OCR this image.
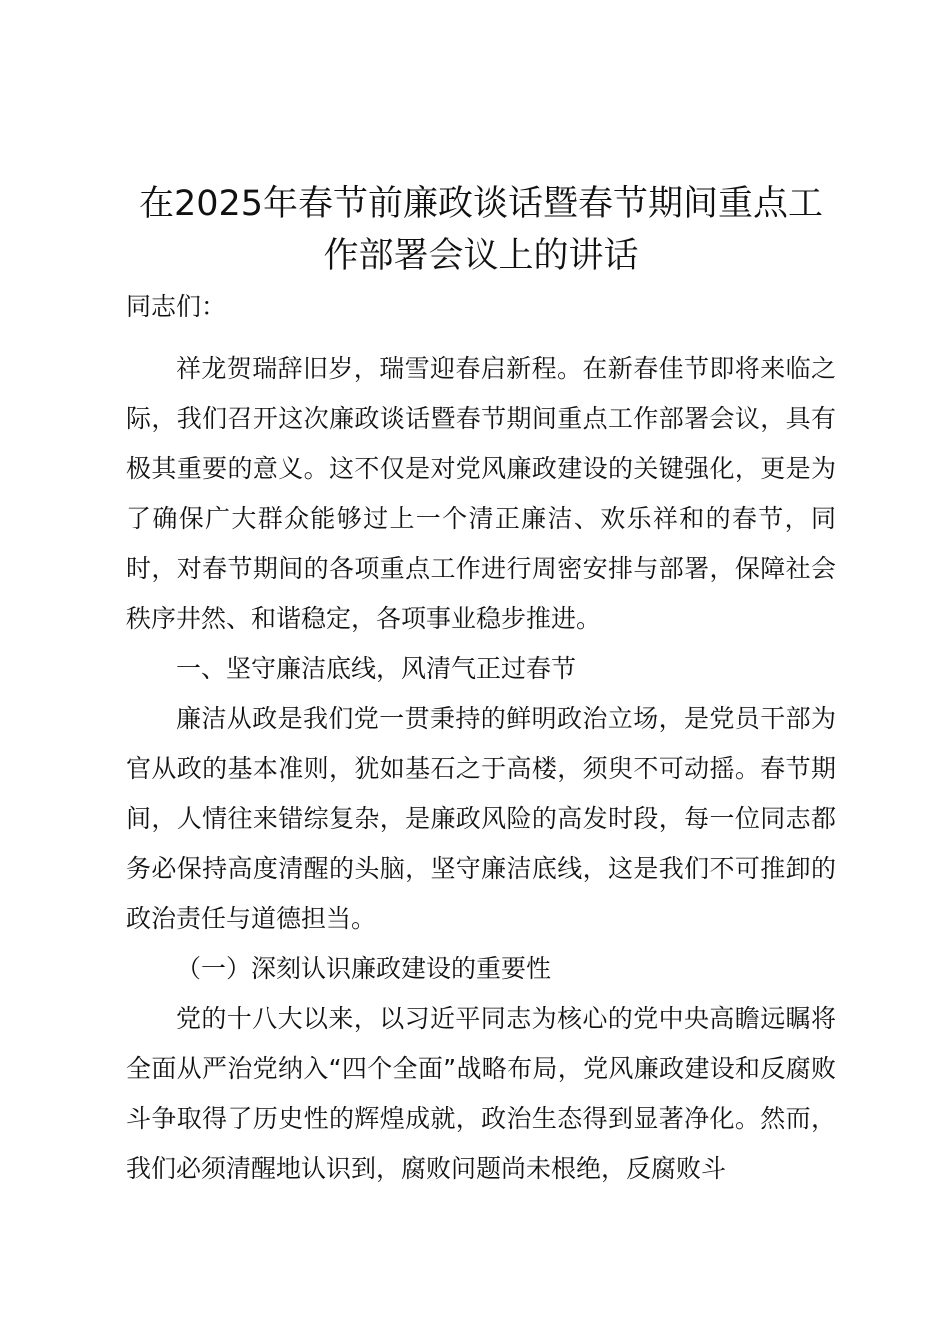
在2025年春节前廉政谈话暨春节期间重点工作部署会议上的讲话

同志们：

祥龙贺瑞辞旧岁，瑞雪迎春启新程。在新春佳节即将来临之际，我们召开这次廉政谈话暨春节期间重点工作部署会议，具有极其重要的意义。这不仅是对党风廉政建设的关键强化，更是为了确保广大群众能够过上一个清正廉洁、欢乐祥和的春节，同时，对春节期间的各项重点工作进行周密安排与部署，保障社会秩序井然、和谐稳定，各项事业稳步推进。

一、坚守廉洁底线，风清气正过春节

廉洁从政是我们党一贯秉持的鲜明政治立场，是党员干部为官从政的基本准则，犹如基石之于高楼，须臾不可动摇。春节期间，人情往来错综复杂，是廉政风险的高发时段，每一位同志都务必保持高度清醒的头脑，坚守廉洁底线，这是我们不可推卸的政治责任与道德担当。

（一）深刻认识廉政建设的重要性

党的十八大以来，以习近平同志为核心的党中央高瞻远瞩将全面从严治党纳入“四个全面”战略布局，党风廉政建设和反腐败斗争取得了历史性的辉煌成就，政治生态得到显著净化。然而，我们必须清醒地认识到，腐败问题尚未根绝，反腐败斗
